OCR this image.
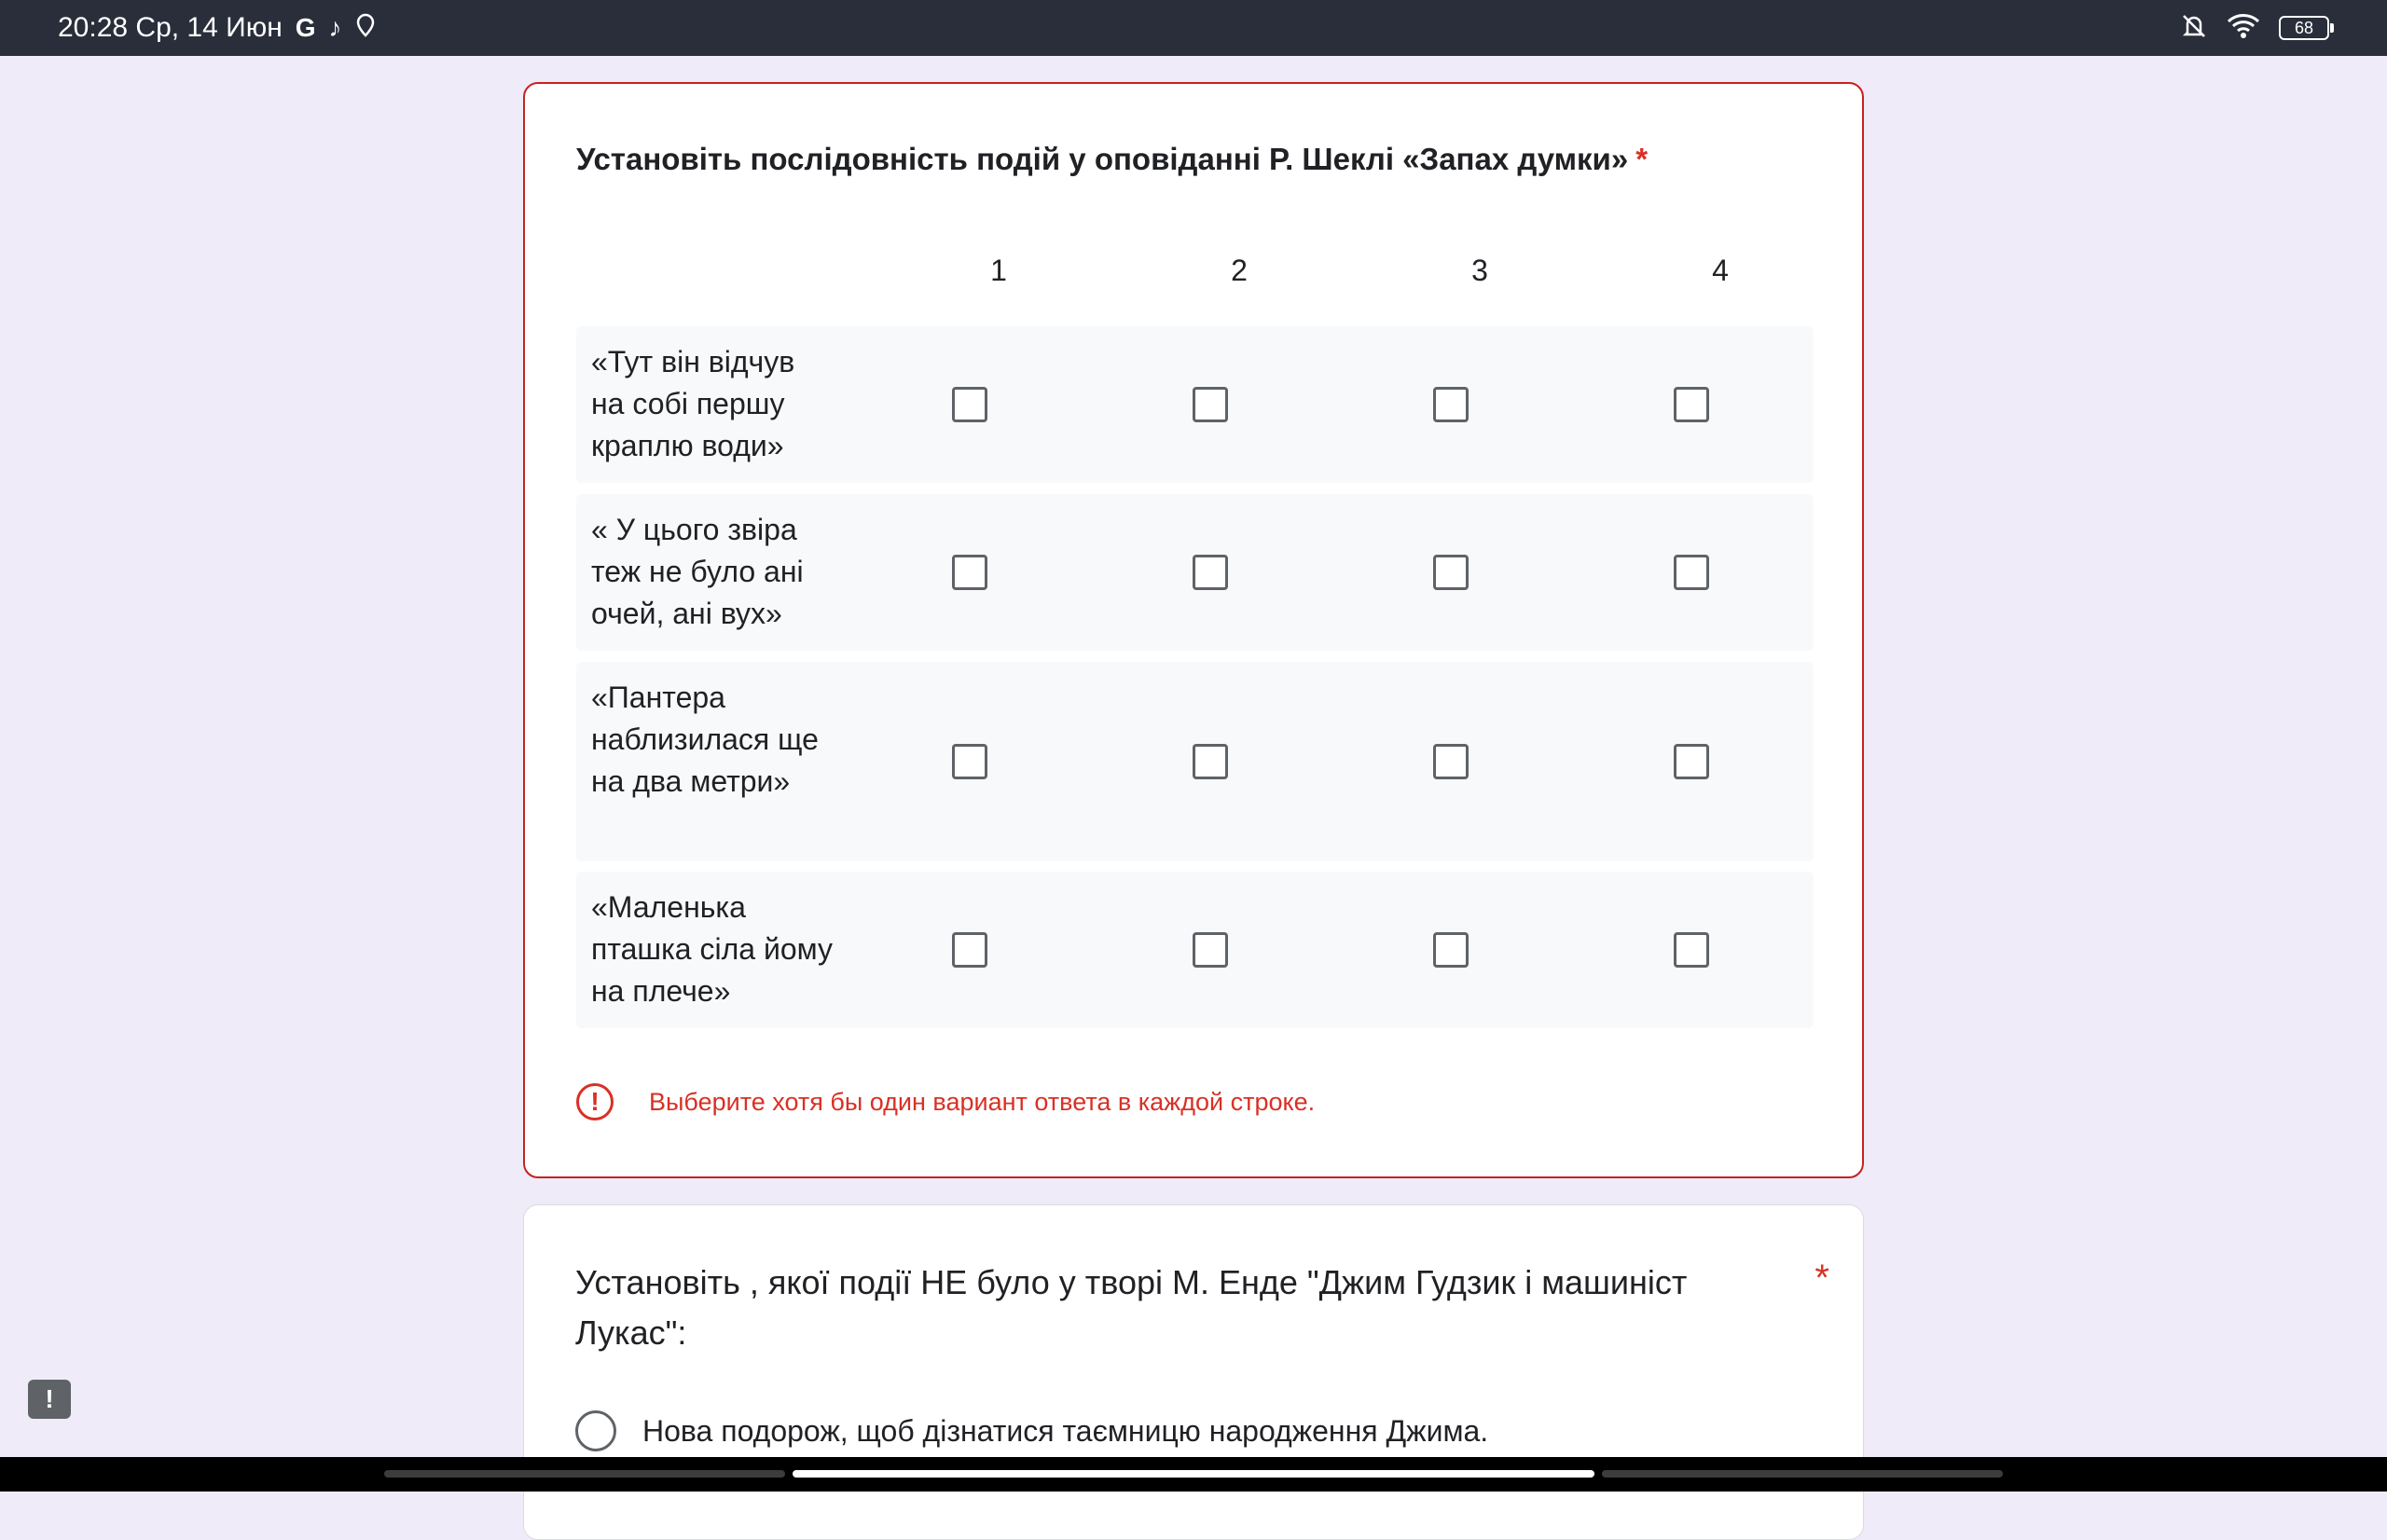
20:28 Ср, 14 Июн G ♪	68
Установіть послідовність подій у оповіданні Р. Шеклі «Запах думки» *
1	2	3	4
«Тут він відчув на собі першу краплю води»
« У цього звіра теж не було ані очей, ані вух»
«Пантера наблизилася ще на два метри»
«Маленька пташка сіла йому на плече»
!	Выберите хотя бы один вариант ответа в каждой строке.
Установіть , якої події НЕ було у творі М. Енде "Джим Гудзик і машиніст Лукас":
*
Нова подорож, щоб дізнатися таємницю народження Джима.
!
